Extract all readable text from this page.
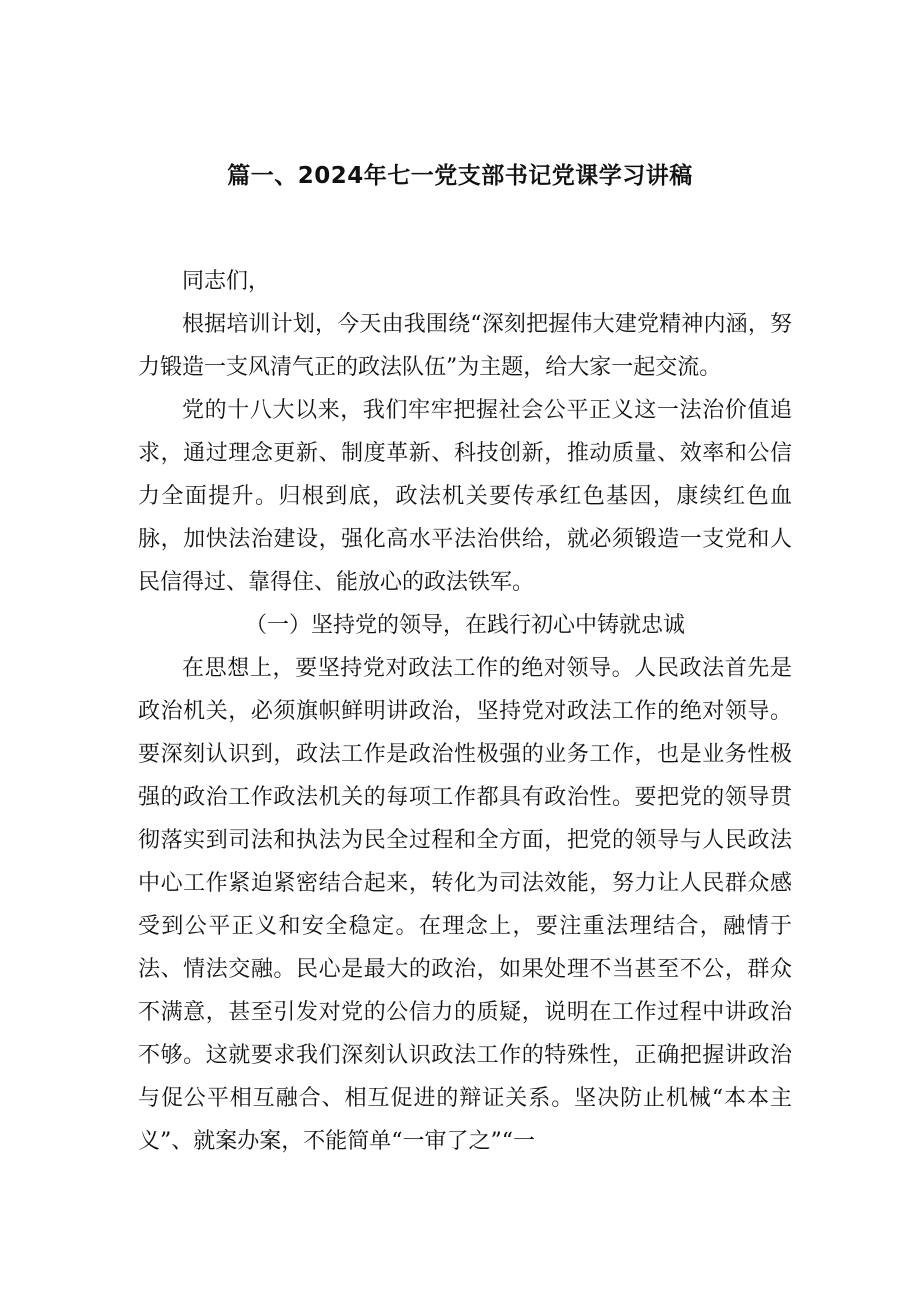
篇一、2024年七一党支部书记党课学习讲稿

同志们，

根据培训计划，今天由我围绕“深刻把握伟大建党精神内涵，努力锻造一支风清气正的政法队伍”为主题，给大家一起交流。

党的十八大以来，我们牢牢把握社会公平正义这一法治价值追求，通过理念更新、制度革新、科技创新，推动质量、效率和公信力全面提升。归根到底，政法机关要传承红色基因，康续红色血脉，加快法治建设，强化高水平法治供给，就必须锻造一支党和人民信得过、靠得住、能放心的政法铁军。

（一）坚持党的领导，在践行初心中铸就忠诚

在思想上，要坚持党对政法工作的绝对领导。人民政法首先是政治机关，必须旗帜鲜明讲政治，坚持党对政法工作的绝对领导。要深刻认识到，政法工作是政治性极强的业务工作，也是业务性极强的政治工作政法机关的每项工作都具有政治性。要把党的领导贯彻落实到司法和执法为民全过程和全方面，把党的领导与人民政法中心工作紧迫紧密结合起来，转化为司法效能，努力让人民群众感受到公平正义和安全稳定。在理念上，要注重法理结合，融情于法、情法交融。民心是最大的政治，如果处理不当甚至不公，群众不满意，甚至引发对党的公信力的质疑，说明在工作过程中讲政治不够。这就要求我们深刻认识政法工作的特殊性，正确把握讲政治与促公平相互融合、相互促进的辩证关系。坚决防止机械“本本主义”、就案办案，不能简单“一审了之”“一
